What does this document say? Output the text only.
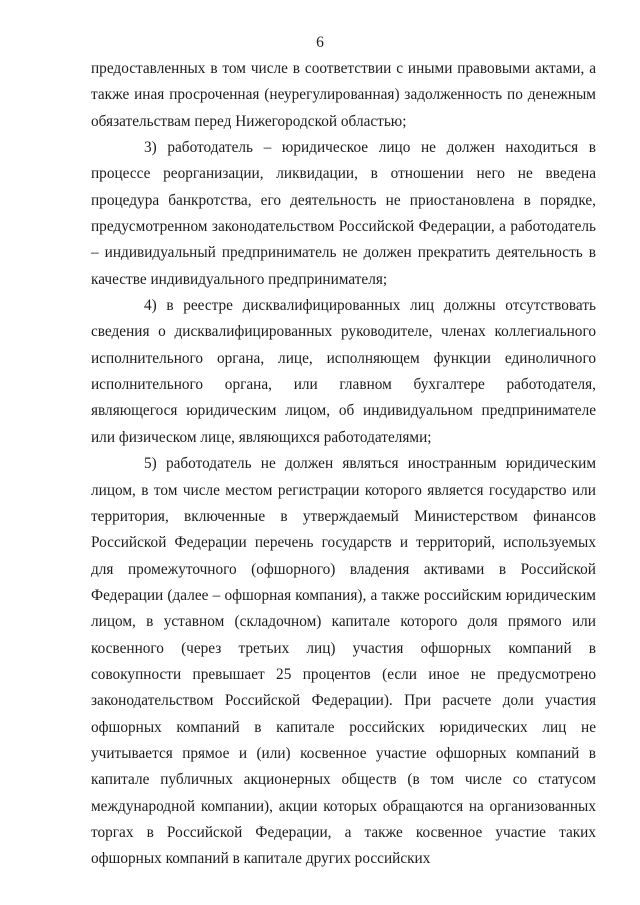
6

предоставленных в том числе в соответствии с иными правовыми актами, а также иная просроченная (неурегулированная) задолженность по денежным обязательствам перед Нижегородской областью;

3) работодатель – юридическое лицо не должен находиться в процессе реорганизации, ликвидации, в отношении него не введена процедура банкротства, его деятельность не приостановлена в порядке, предусмотренном законодательством Российской Федерации, а работодатель – индивидуальный предприниматель не должен прекратить деятельность в качестве индивидуального предпринимателя;

4) в реестре дисквалифицированных лиц должны отсутствовать сведения о дисквалифицированных руководителе, членах коллегиального исполнительного органа, лице, исполняющем функции единоличного исполнительного органа, или главном бухгалтере работодателя, являющегося юридическим лицом, об индивидуальном предпринимателе или физическом лице, являющихся работодателями;

5) работодатель не должен являться иностранным юридическим лицом, в том числе местом регистрации которого является государство или территория, включенные в утверждаемый Министерством финансов Российской Федерации перечень государств и территорий, используемых для промежуточного (офшорного) владения активами в Российской Федерации (далее – офшорная компания), а также российским юридическим лицом, в уставном (складочном) капитале которого доля прямого или косвенного (через третьих лиц) участия офшорных компаний в совокупности превышает 25 процентов (если иное не предусмотрено законодательством Российской Федерации). При расчете доли участия офшорных компаний в капитале российских юридических лиц не учитывается прямое и (или) косвенное участие офшорных компаний в капитале публичных акционерных обществ (в том числе со статусом международной компании), акции которых обращаются на организованных торгах в Российской Федерации, а также косвенное участие таких офшорных компаний в капитале других российских
